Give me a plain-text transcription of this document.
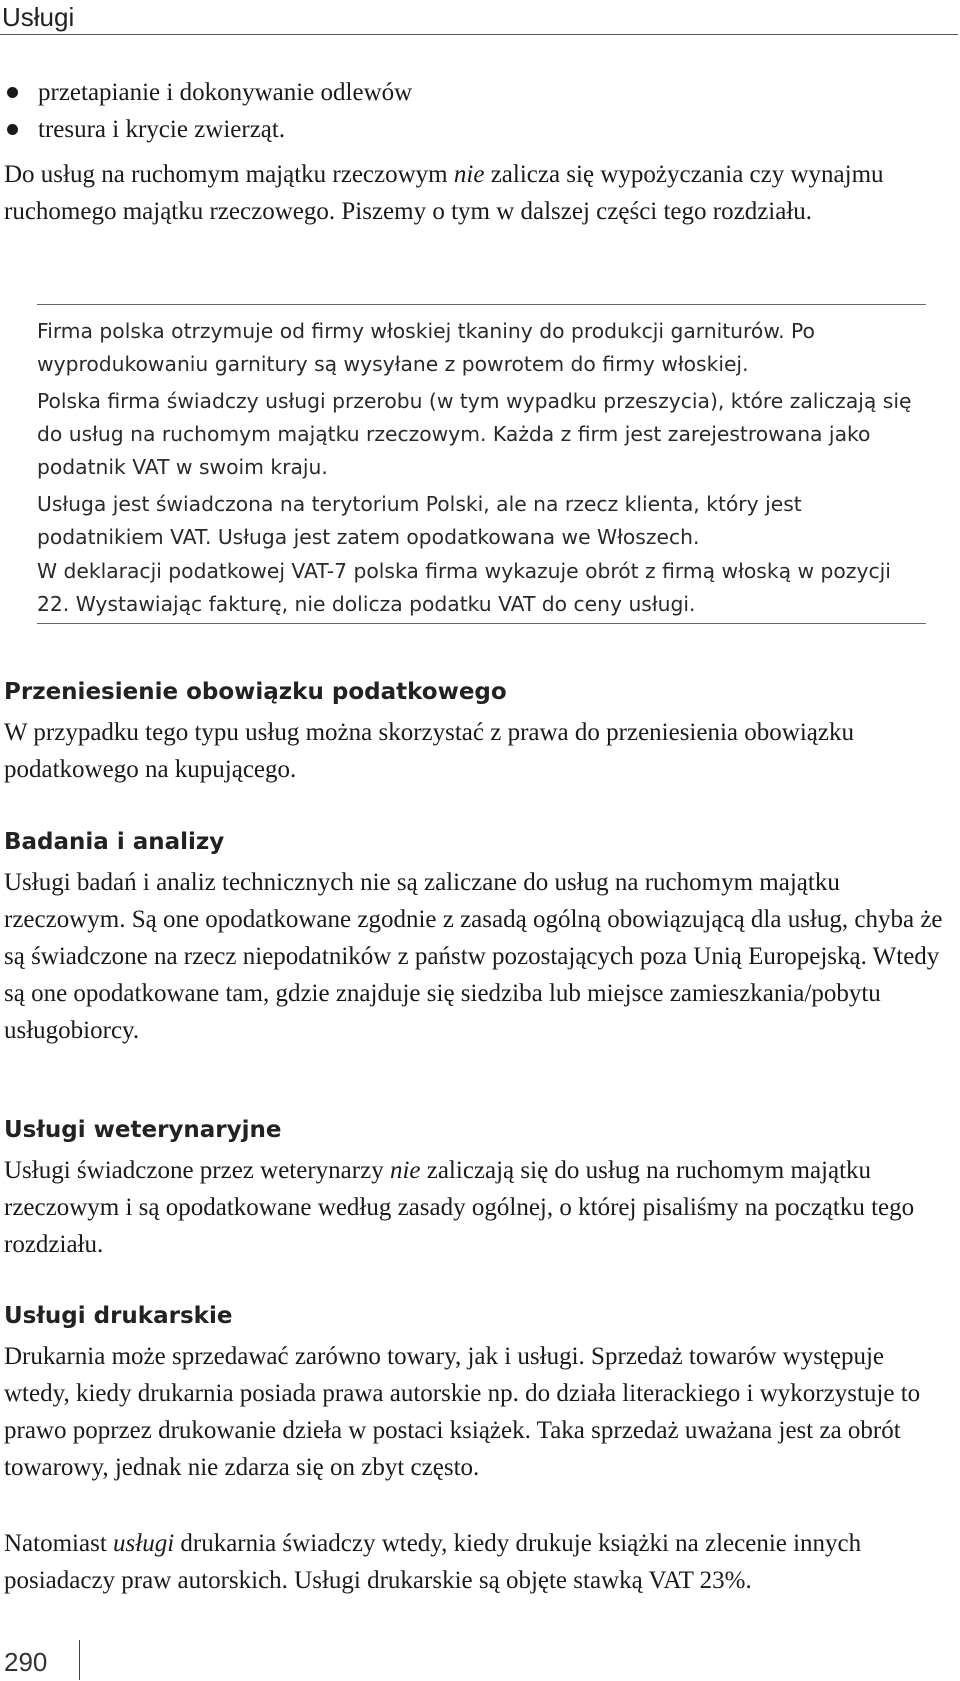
Usługi
przetapianie i dokonywanie odlewów
tresura i krycie zwierząt.

Do usług na ruchomym majątku rzeczowym nie zalicza się wypożyczania czy wynajmu ruchomego majątku rzeczowego. Piszemy o tym w dalszej części tego rozdziału.

Firma polska otrzymuje od firmy włoskiej tkaniny do produkcji garniturów. Po wyprodukowaniu garnitury są wysyłane z powrotem do firmy włoskiej.

Polska firma świadczy usługi przerobu (w tym wypadku przeszycia), które zaliczają się do usług na ruchomym majątku rzeczowym. Każda z firm jest zarejestrowana jako podatnik VAT w swoim kraju.

Usługa jest świadczona na terytorium Polski, ale na rzecz klienta, który jest podatnikiem VAT. Usługa jest zatem opodatkowana we Włoszech.

W deklaracji podatkowej VAT-7 polska firma wykazuje obrót z firmą włoską w pozycji 22. Wystawiając fakturę, nie dolicza podatku VAT do ceny usługi.

Przeniesienie obowiązku podatkowego

W przypadku tego typu usług można skorzystać z prawa do przeniesienia obowiązku podatkowego na kupującego.

Badania i analizy

Usługi badań i analiz technicznych nie są zaliczane do usług na ruchomym majątku rzeczowym. Są one opodatkowane zgodnie z zasadą ogólną obowiązującą dla usług, chyba że są świadczone na rzecz niepodatników z państw pozostających poza Unią Europejską. Wtedy są one opodatkowane tam, gdzie znajduje się siedziba lub miejsce zamieszkania/pobytu usługobiorcy.

Usługi weterynaryjne

Usługi świadczone przez weterynarzy nie zaliczają się do usług na ruchomym majątku rzeczowym i są opodatkowane według zasady ogólnej, o której pisaliśmy na początku tego rozdziału.

Usługi drukarskie

Drukarnia może sprzedawać zarówno towary, jak i usługi. Sprzedaż towarów występuje wtedy, kiedy drukarnia posiada prawa autorskie np. do działa literackiego i wykorzystuje to prawo poprzez drukowanie dzieła w postaci książek. Taka sprzedaż uważana jest za obrót towarowy, jednak nie zdarza się on zbyt często.

Natomiast usługi drukarnia świadczy wtedy, kiedy drukuje książki na zlecenie innych posiadaczy praw autorskich. Usługi drukarskie są objęte stawką VAT 23%.

290
